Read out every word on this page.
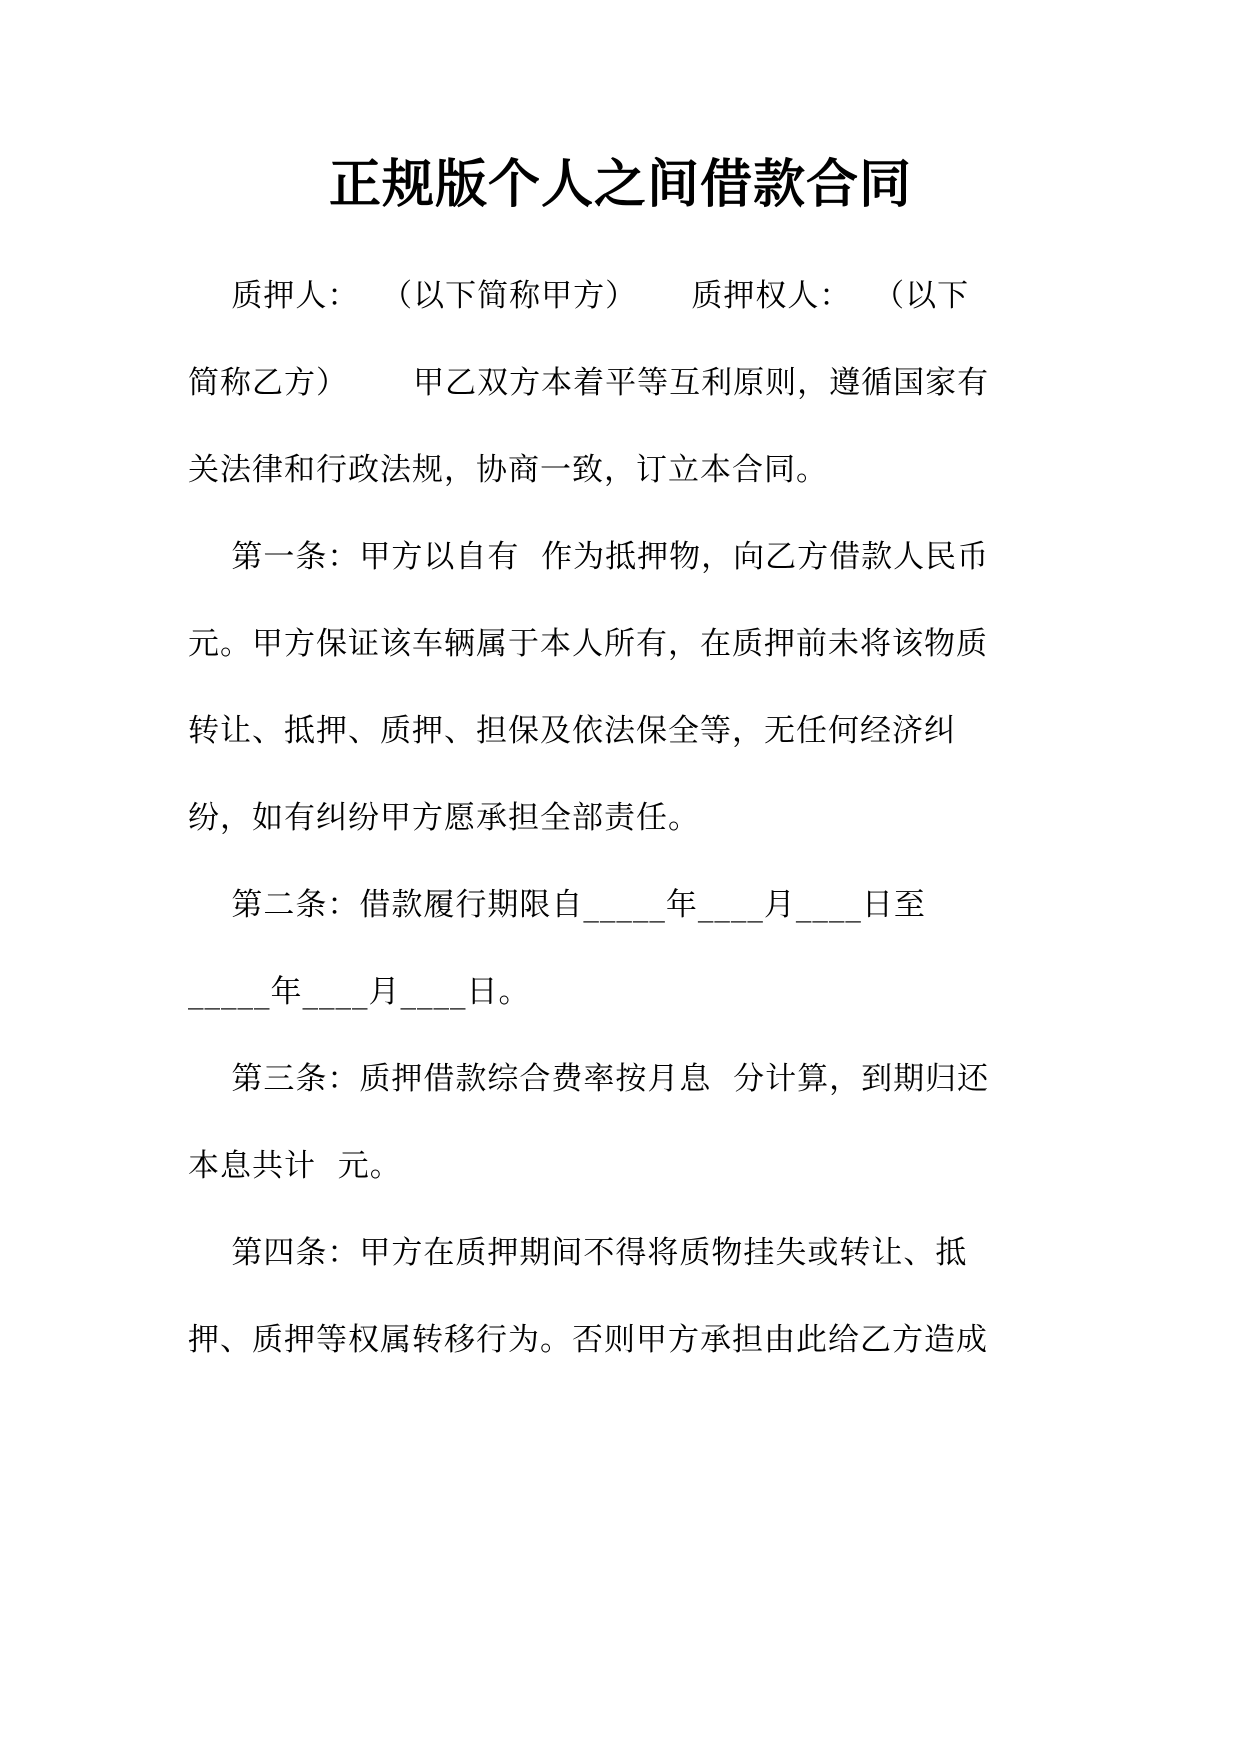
正规版个人之间借款合同
质押人：  （以下简称甲方）     质押权人：  （以下
简称乙方）      甲乙双方本着平等互利原则，遵循国家有
关法律和行政法规，协商一致，订立本合同。
第一条：甲方以自有  作为抵押物，向乙方借款人民币
元。甲方保证该车辆属于本人所有，在质押前未将该物质
转让、抵押、质押、担保及依法保全等，无任何经济纠
纷，如有纠纷甲方愿承担全部责任。
第二条：借款履行期限自_____年____月____日至
_____年____月____日。
第三条：质押借款综合费率按月息  分计算，到期归还
本息共计  元。
第四条：甲方在质押期间不得将质物挂失或转让、抵
押、质押等权属转移行为。否则甲方承担由此给乙方造成
